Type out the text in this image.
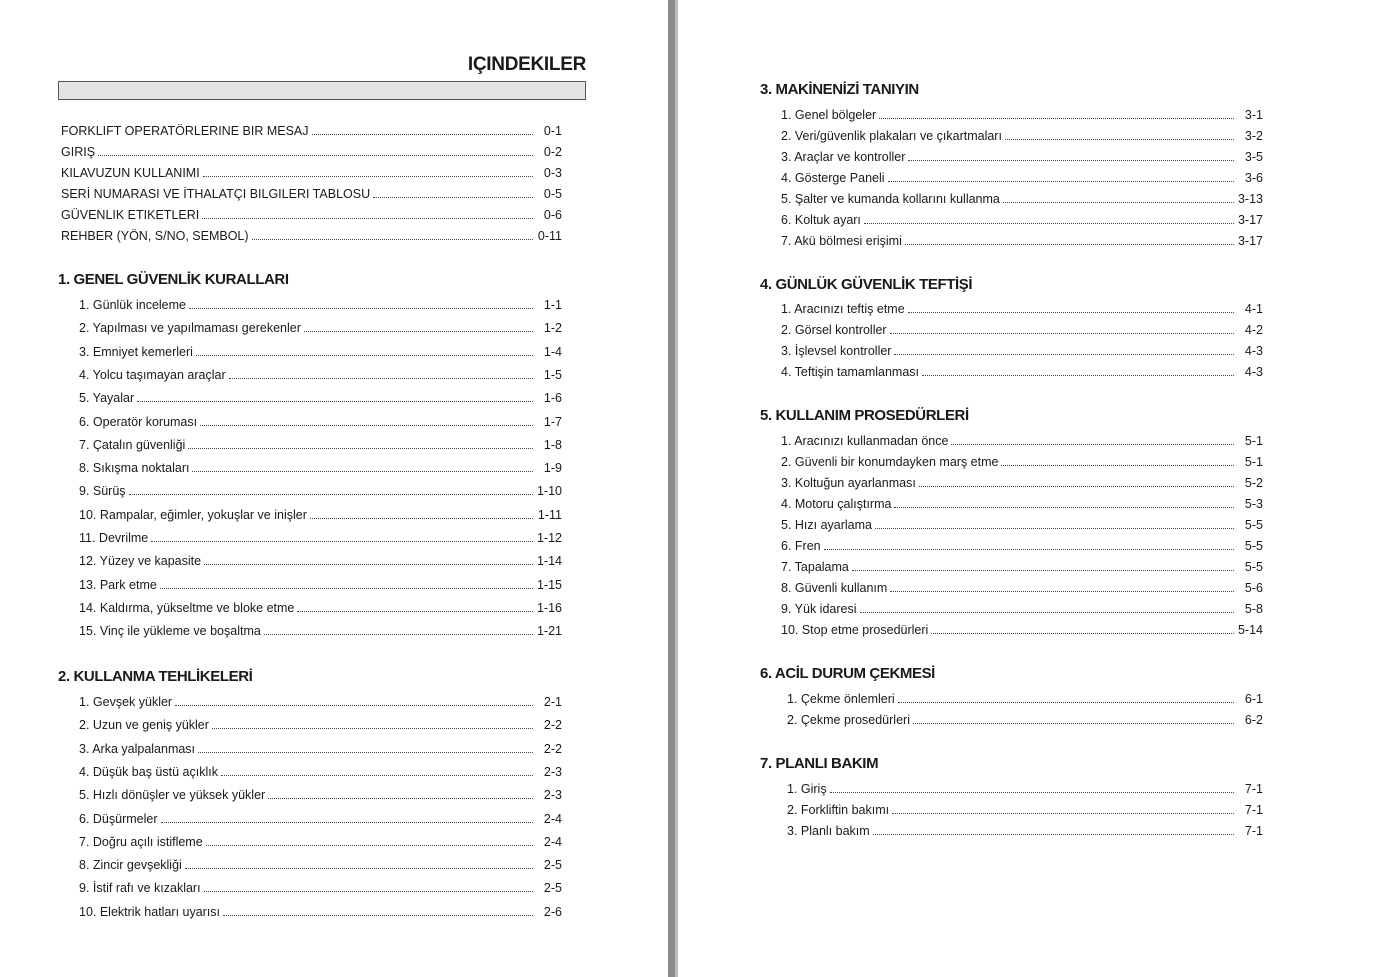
IÇINDEKILER
FORKLIFT OPERATÖRLERINE BIR MESAJ	0-1
GIRIŞ	0-2
KILAVUZUN KULLANIMI	0-3
SERİ NUMARASI VE İTHALATÇI BILGILERI TABLOSU	0-5
GÜVENLIK ETIKETLERI	0-6
REHBER (YÖN, S/NO, SEMBOL)	0-11
1. GENEL GÜVENLİK KURALLARI
1. Günlük inceleme	1-1
2. Yapılması ve yapılmaması gerekenler	1-2
3. Emniyet kemerleri	1-4
4. Yolcu taşımayan araçlar	1-5
5. Yayalar	1-6
6. Operatör koruması	1-7
7. Çatalın güvenliği	1-8
8. Sıkışma noktaları	1-9
9. Sürüş	1-10
10. Rampalar, eğimler, yokuşlar ve inişler	1-11
11. Devrilme	1-12
12. Yüzey ve kapasite	1-14
13. Park etme	1-15
14. Kaldırma, yükseltme ve bloke etme	1-16
15. Vinç ile yükleme ve boşaltma	1-21
2. KULLANMA TEHLİKELERİ
1. Gevşek yükler	2-1
2. Uzun ve geniş yükler	2-2
3. Arka yalpalanması	2-2
4. Düşük baş üstü açıklık	2-3
5. Hızlı dönüşler ve yüksek yükler	2-3
6. Düşürmeler	2-4
7. Doğru açılı istifleme	2-4
8. Zincir gevşekliği	2-5
9. İstif rafı ve kızakları	2-5
10. Elektrik hatları uyarısı	2-6
3. MAKİNENİZİ TANIYIN
1. Genel bölgeler	3-1
2. Veri/güvenlik plakaları ve çıkartmaları	3-2
3. Araçlar ve kontroller	3-5
4. Gösterge Paneli	3-6
5. Şalter ve kumanda kollarını kullanma	3-13
6. Koltuk ayarı	3-17
7. Akü bölmesi erişimi	3-17
4. GÜNLÜK GÜVENLİK TEFTİŞİ
1. Aracınızı teftiş etme	4-1
2. Görsel kontroller	4-2
3. İşlevsel kontroller	4-3
4. Teftişin tamamlanması	4-3
5. KULLANIM PROSEDÜRLERİ
1. Aracınızı kullanmadan önce	5-1
2. Güvenli bir konumdayken marş etme	5-1
3. Koltuğun ayarlanması	5-2
4. Motoru çalıştırma	5-3
5. Hızı ayarlama	5-5
6. Fren	5-5
7. Tapalama	5-5
8. Güvenli kullanım	5-6
9. Yük idaresi	5-8
10. Stop etme prosedürleri	5-14
6. ACİL DURUM ÇEKMESİ
1. Çekme önlemleri	6-1
2. Çekme prosedürleri	6-2
7. PLANLI BAKIM
1. Giriş	7-1
2. Forkliftin bakımı	7-1
3. Planlı bakım	7-1
